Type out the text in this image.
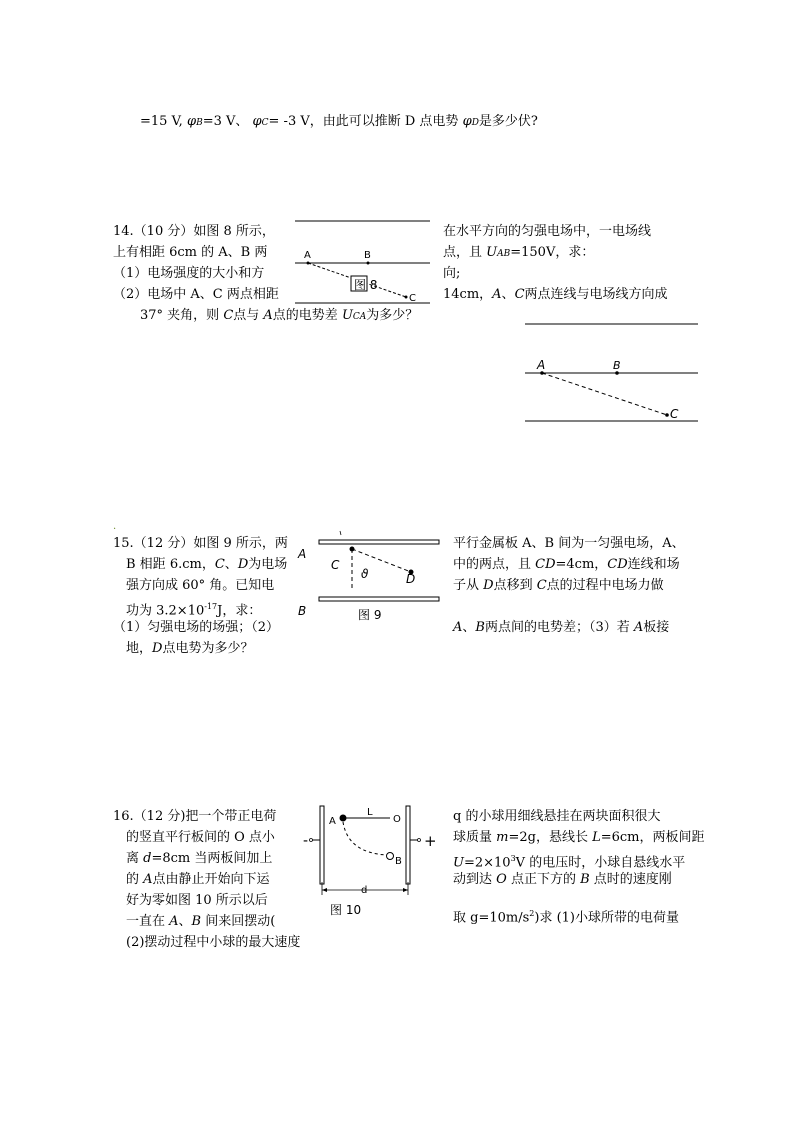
=15 V, φB=3 V、 φC= -3 V，由此可以推断 D 点电势 φD是多少伏?
14.（10 分）如图 8 所示，
上有相距 6cm 的 A、B 两
（1）电场强度的大小和方
（2）电场中 A、C 两点相距
37° 夹角，则 C点与 A点的电势差 UCA为多少？
在水平方向的匀强电场中，一电场线
点，且 UAB=150V，求：
向;
14cm，A、C两点连线与电场线方向成
A	B
C
图 8
A	B
C
.
15.（12 分）如图 9 所示，两
B 相距 6.cm，C、D为电场
强方向成 60° 角。已知电
功为 $3.2\times 10^{-17}J$，求：
（1）匀强电场的场强；（2）
地，D点电势为多少？
平行金属板 A、B 间为一匀强电场，A、
中的两点，且 CD=4cm，CD连线和场
子从 D点移到 C点的过程中电场力做
A、B两点间的电势差；（3）若 A板接
A
B
C
D
ϑ
图 9
16.（12 分)把一个带正电荷
的竖直平行板间的 O 点小
离 d=8cm 当两板间加上
的 A点由静止开始向下运
好为零如图 10 所示以后
一直在 A、B 间来回摆动(
(2)摆动过程中小球的最大速度
q 的小球用细线悬挂在两块面积很大
球质量 m=2g，悬线长 L=6cm，两板间距
$U=2\times 10^3V$ 的电压时，小球自悬线水平
动到达 O 点正下方的 B 点时的速度刚
取 $g=10m/s^2$)求 (1)小球所带的电荷量
-	+
A
L
O
B
d
图 10
